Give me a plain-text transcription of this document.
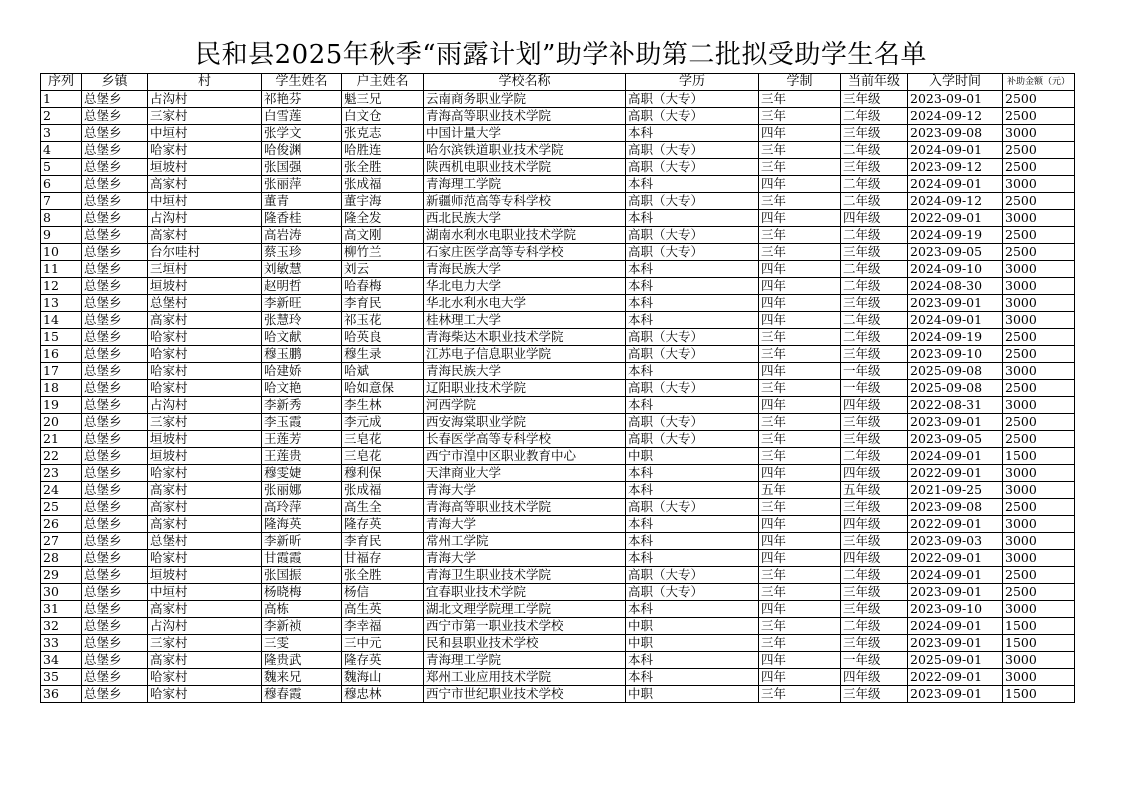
民和县2025年秋季“雨露计划”助学补助第二批拟受助学生名单
序列	乡镇	村	学生姓名	户主姓名	学校名称	学历	学制	当前年级	入学时间	补助金额（元）
1	总堡乡	占沟村	祁艳芬	魁三兄	云南商务职业学院	高职（大专）	三年	三年级	2023-09-01	2500
2	总堡乡	三家村	白雪莲	白文仓	青海高等职业技术学院	高职（大专）	三年	二年级	2024-09-12	2500
3	总堡乡	中垣村	张学文	张克志	中国计量大学	本科	四年	三年级	2023-09-08	3000
4	总堡乡	哈家村	哈俊渊	哈胜连	哈尔滨铁道职业技术学院	高职（大专）	三年	二年级	2024-09-01	2500
5	总堡乡	垣坡村	张国强	张全胜	陕西机电职业技术学院	高职（大专）	三年	三年级	2023-09-12	2500
6	总堡乡	高家村	张丽萍	张成福	青海理工学院	本科	四年	二年级	2024-09-01	3000
7	总堡乡	中垣村	董青	董宇海	新疆师范高等专科学校	高职（大专）	三年	二年级	2024-09-12	2500
8	总堡乡	占沟村	隆香桂	隆全发	西北民族大学	本科	四年	四年级	2022-09-01	3000
9	总堡乡	高家村	高岩涛	高文刚	湖南水利水电职业技术学院	高职（大专）	三年	二年级	2024-09-19	2500
10	总堡乡	台尔哇村	蔡玉珍	柳竹兰	石家庄医学高等专科学校	高职（大专）	三年	三年级	2023-09-05	2500
11	总堡乡	三垣村	刘敏慧	刘云	青海民族大学	本科	四年	二年级	2024-09-10	3000
12	总堡乡	垣坡村	赵明哲	哈春梅	华北电力大学	本科	四年	二年级	2024-08-30	3000
13	总堡乡	总堡村	李新旺	李育民	华北水利水电大学	本科	四年	三年级	2023-09-01	3000
14	总堡乡	高家村	张慧玲	祁玉花	桂林理工大学	本科	四年	二年级	2024-09-01	3000
15	总堡乡	哈家村	哈文献	哈英良	青海柴达木职业技术学院	高职（大专）	三年	二年级	2024-09-19	2500
16	总堡乡	哈家村	穆玉鹏	穆生录	江苏电子信息职业学院	高职（大专）	三年	三年级	2023-09-10	2500
17	总堡乡	哈家村	哈建娇	哈斌	青海民族大学	本科	四年	一年级	2025-09-08	3000
18	总堡乡	哈家村	哈文艳	哈如意保	辽阳职业技术学院	高职（大专）	三年	一年级	2025-09-08	2500
19	总堡乡	占沟村	李新秀	李生林	河西学院	本科	四年	四年级	2022-08-31	3000
20	总堡乡	三家村	李玉霞	李元成	西安海棠职业学院	高职（大专）	三年	三年级	2023-09-01	2500
21	总堡乡	垣坡村	王莲芳	三皂花	长春医学高等专科学校	高职（大专）	三年	三年级	2023-09-05	2500
22	总堡乡	垣坡村	王莲贵	三皂花	西宁市湟中区职业教育中心	中职	三年	二年级	2024-09-01	1500
23	总堡乡	哈家村	穆雯婕	穆利保	天津商业大学	本科	四年	四年级	2022-09-01	3000
24	总堡乡	高家村	张丽娜	张成福	青海大学	本科	五年	五年级	2021-09-25	3000
25	总堡乡	高家村	高玲萍	高生全	青海高等职业技术学院	高职（大专）	三年	三年级	2023-09-08	2500
26	总堡乡	高家村	隆海英	隆存英	青海大学	本科	四年	四年级	2022-09-01	3000
27	总堡乡	总堡村	李新昕	李育民	常州工学院	本科	四年	三年级	2023-09-03	3000
28	总堡乡	哈家村	甘霞霞	甘福存	青海大学	本科	四年	四年级	2022-09-01	3000
29	总堡乡	垣坡村	张国振	张全胜	青海卫生职业技术学院	高职（大专）	三年	二年级	2024-09-01	2500
30	总堡乡	中垣村	杨晓梅	杨信	宜春职业技术学院	高职（大专）	三年	三年级	2023-09-01	2500
31	总堡乡	高家村	高栋	高生英	湖北文理学院理工学院	本科	四年	三年级	2023-09-10	3000
32	总堡乡	占沟村	李新祯	李幸福	西宁市第一职业技术学校	中职	三年	二年级	2024-09-01	1500
33	总堡乡	三家村	三雯	三中元	民和县职业技术学校	中职	三年	三年级	2023-09-01	1500
34	总堡乡	高家村	隆贵武	隆存英	青海理工学院	本科	四年	一年级	2025-09-01	3000
35	总堡乡	哈家村	魏来兄	魏海山	郑州工业应用技术学院	本科	四年	四年级	2022-09-01	3000
36	总堡乡	哈家村	穆春霞	穆忠林	西宁市世纪职业技术学校	中职	三年	三年级	2023-09-01	1500
